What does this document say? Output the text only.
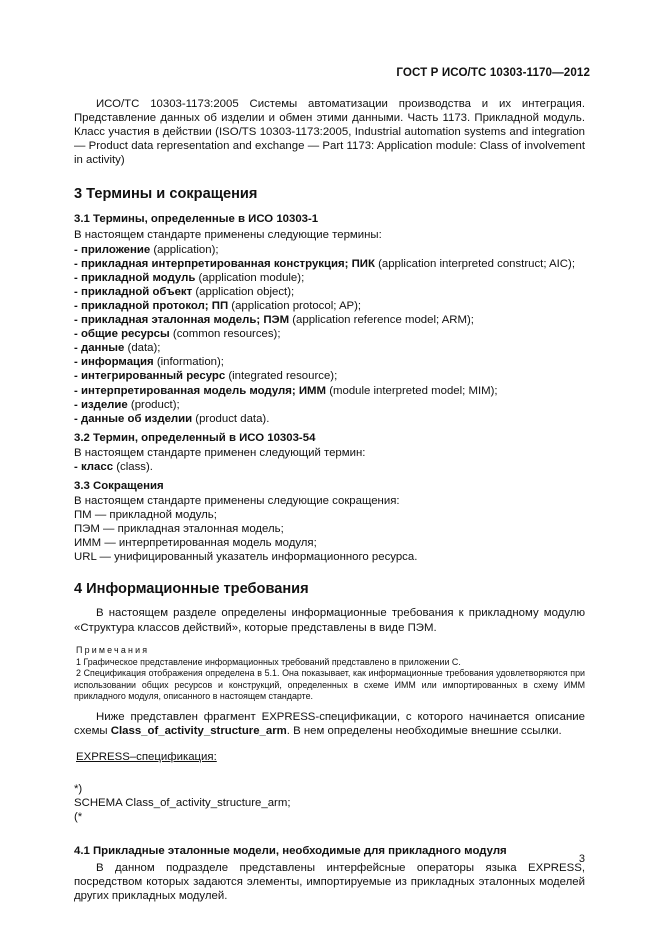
ГОСТ Р ИСО/ТС 10303-1170—2012

ИСО/ТС 10303-1173:2005 Системы автоматизации производства и их интеграция. Представление данных об изделии и обмен этими данными. Часть 1173. Прикладной модуль. Класс участия в действии (ISO/TS 10303-1173:2005, Industrial automation systems and integration — Product data representation and exchange — Part 1173: Application module: Class of involvement in activity)

3 Термины и сокращения
3.1 Термины, определенные в ИСО 10303-1

В настоящем стандарте применены следующие термины:

- приложение (application);

- прикладная интерпретированная конструкция; ПИК (application interpreted construct; AIC);

- прикладной модуль (application module);

- прикладной объект (application object);

- прикладной протокол; ПП (application protocol; AP);

- прикладная эталонная модель; ПЭМ (application reference model; ARM);

- общие ресурсы (common resources);

- данные (data);

- информация (information);

- интегрированный ресурс (integrated resource);

- интерпретированная модель модуля; ИММ (module interpreted model; MIM);

- изделие (product);

- данные об изделии (product data).

3.2 Термин, определенный в ИСО 10303-54

В настоящем стандарте применен следующий термин:

- класс (class).

3.3 Сокращения

В настоящем стандарте применены следующие сокращения:

ПМ — прикладной модуль;

ПЭМ — прикладная эталонная модель;

ИММ — интерпретированная модель модуля;

URL — унифицированный указатель информационного ресурса.

4 Информационные требования

В настоящем разделе определены информационные требования к прикладному модулю «Структура классов действий», которые представлены в виде ПЭМ.

Примечания

1 Графическое представление информационных требований представлено в приложении С.

2 Спецификация отображения определена в 5.1. Она показывает, как информационные требования удовлетворяются при использовании общих ресурсов и конструкций, определенных в схеме ИММ или импортированных в схему ИММ прикладного модуля, описанного в настоящем стандарте.

Ниже представлен фрагмент EXPRESS-спецификации, с которого начинается описание схемы Class_of_activity_structure_arm. В нем определены необходимые внешние ссылки.

EXPRESS–спецификация:

*)

SCHEMA Class_of_activity_structure_arm;

(*

4.1 Прикладные эталонные модели, необходимые для прикладного модуля

В данном подразделе представлены интерфейсные операторы языка EXPRESS, посредством которых задаются элементы, импортируемые из прикладных эталонных моделей других прикладных модулей.

3
